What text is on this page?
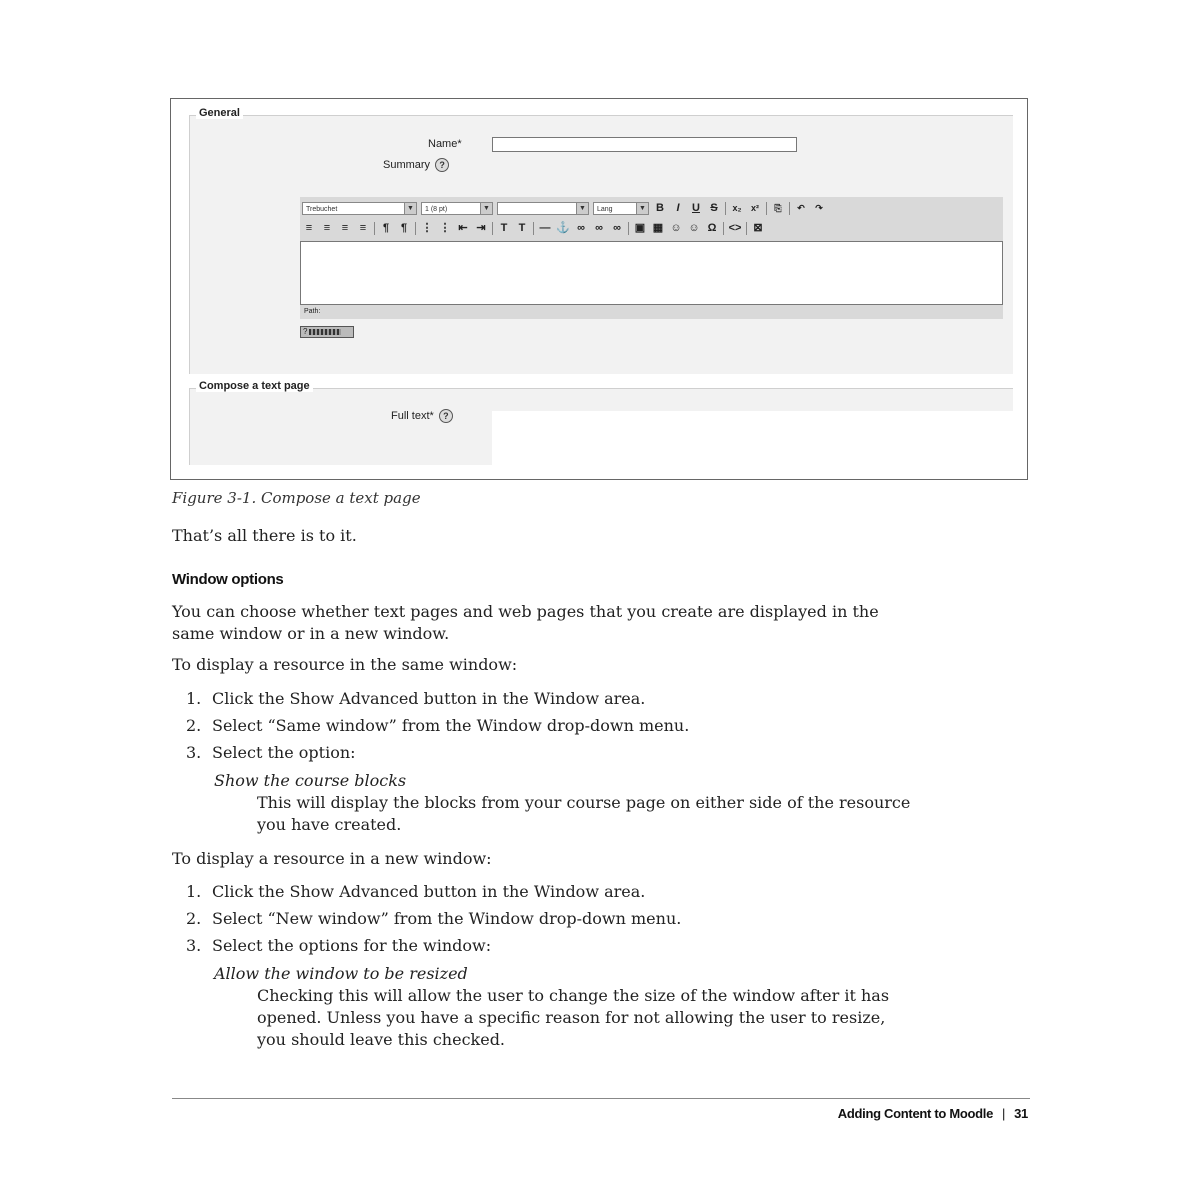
General
Name*
Summary ?
Trebuchet	▼	1 (8 pt)	▼	▼	Lang	▼ B	I	U S	x₂	x²	⎘	↶	↷
≡	≡	≡	≡	¶	¶	⋮ ⋮ ⇤ ⇥	T	T	— ⚓ ∞ ∞ ∞ ▣ ▦ ☺ ☺ Ω <> ⊠
Path:
?
Compose a text page
Full text* ?
Figure 3-1. Compose a text page
That’s all there is to it.
Window options
You can choose whether text pages and web pages that you create are displayed in the
same window or in a new window.
To display a resource in the same window:
1. Click the Show Advanced button in the Window area.
2. Select “Same window” from the Window drop-down menu.
3. Select the option:
Show the course blocks
This will display the blocks from your course page on either side of the resource
you have created.
To display a resource in a new window:
1. Click the Show Advanced button in the Window area.
2. Select “New window” from the Window drop-down menu.
3. Select the options for the window:
Allow the window to be resized
Checking this will allow the user to change the size of the window after it has
opened. Unless you have a specific reason for not allowing the user to resize,
you should leave this checked.
Adding Content to Moodle | 31
